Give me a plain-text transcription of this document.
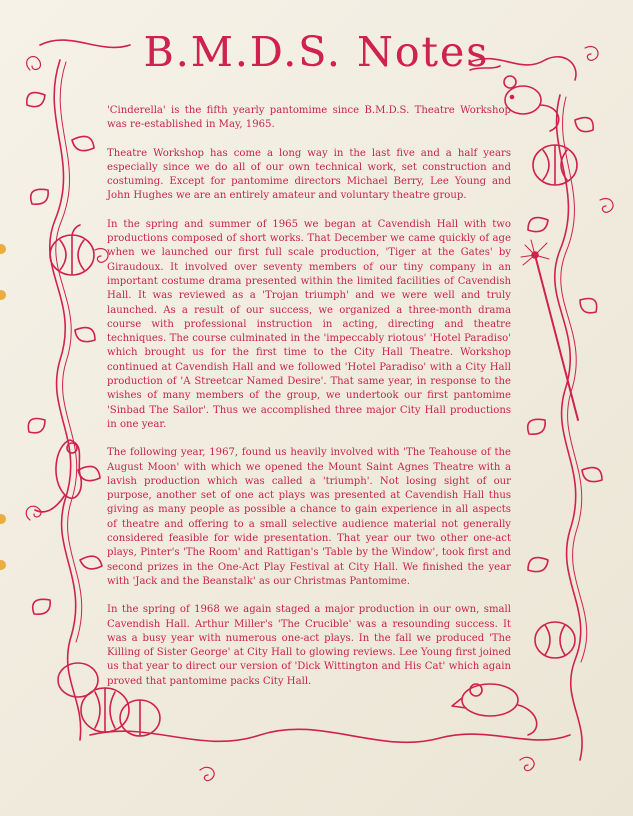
B.M.D.S. Notes

'Cinderella' is the fifth yearly pantomime since B.M.D.S. Theatre Workshop was re-established in May, 1965.

Theatre Workshop has come a long way in the last five and a half years especially since we do all of our own technical work, set construction and costuming. Except for pantomime directors Michael Berry, Lee Young and John Hughes we are an entirely amateur and voluntary theatre group.

In the spring and summer of 1965 we began at Cavendish Hall with two productions composed of short works. That December we came quickly of age when we launched our first full scale production, 'Tiger at the Gates' by Giraudoux. It involved over seventy members of our tiny company in an important costume drama presented within the limited facilities of Cavendish Hall. It was reviewed as a 'Trojan triumph' and we were well and truly launched. As a result of our success, we organized a three-month drama course with professional instruction in acting, directing and theatre techniques. The course culminated in the 'impeccably riotous' 'Hotel Paradiso' which brought us for the first time to the City Hall Theatre. Workshop continued at Cavendish Hall and we followed 'Hotel Paradiso' with a City Hall production of 'A Streetcar Named Desire'. That same year, in response to the wishes of many members of the group, we undertook our first pantomime 'Sinbad The Sailor'. Thus we accomplished three major City Hall productions in one year.

The following year, 1967, found us heavily involved with 'The Teahouse of the August Moon' with which we opened the Mount Saint Agnes Theatre with a lavish production which was called a 'triumph'. Not losing sight of our purpose, another set of one act plays was presented at Cavendish Hall thus giving as many people as possible a chance to gain experience in all aspects of theatre and offering to a small selective audience material not generally considered feasible for wide presentation. That year our two other one-act plays, Pinter's 'The Room' and Rattigan's 'Table by the Window', took first and second prizes in the One-Act Play Festival at City Hall. We finished the year with 'Jack and the Beanstalk' as our Christmas Pantomime.

In the spring of 1968 we again staged a major production in our own, small Cavendish Hall. Arthur Miller's 'The Crucible' was a resounding success. It was a busy year with numerous one-act plays. In the fall we produced 'The Killing of Sister George' at City Hall to glowing reviews. Lee Young first joined us that year to direct our version of 'Dick Wittington and His Cat' which again proved that pantomime packs City Hall.
